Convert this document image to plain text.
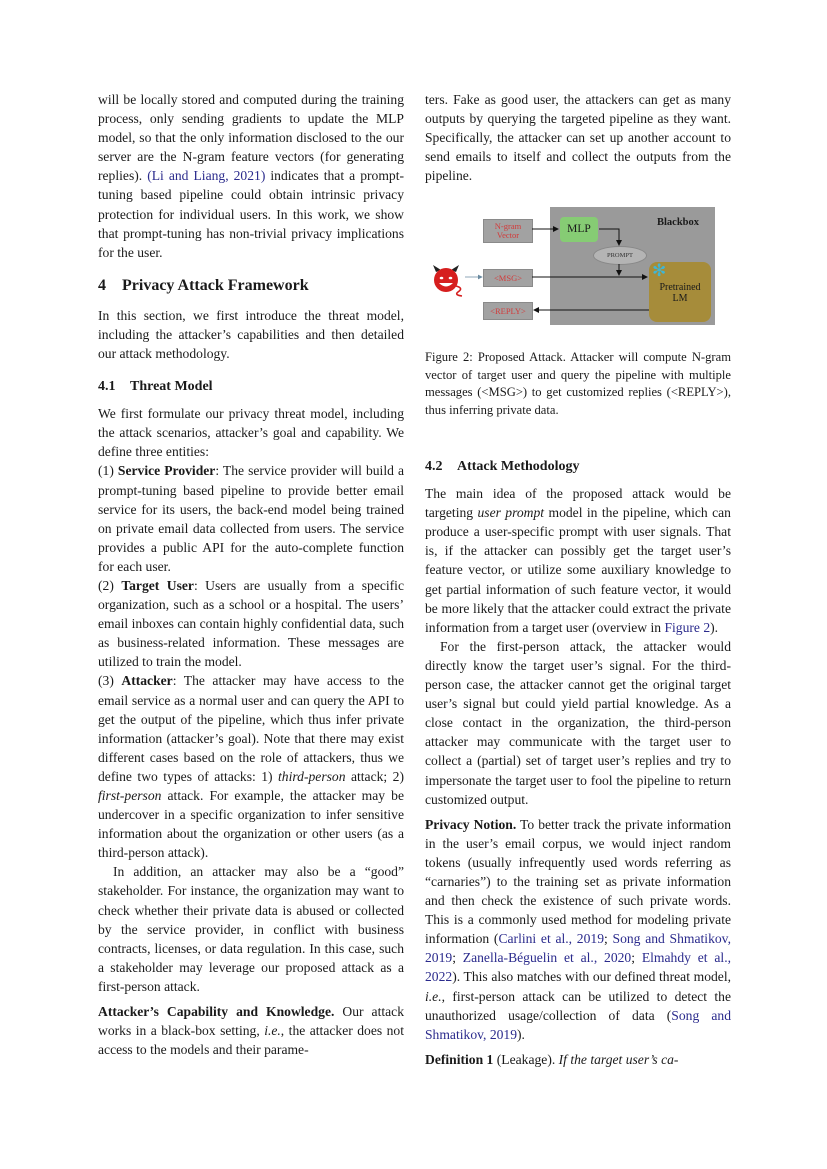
will be locally stored and computed during the training process, only sending gradients to update the MLP model, so that the only information disclosed to the our server are the N-gram feature vectors (for generating replies). (Li and Liang, 2021) indicates that a prompt-tuning based pipeline could obtain intrinsic privacy protection for individual users. In this work, we show that prompt-tuning has non-trivial privacy implications for the user.

4 Privacy Attack Framework

In this section, we first introduce the threat model, including the attacker’s capabilities and then detailed our attack methodology.

4.1 Threat Model

We first formulate our privacy threat model, including the attack scenarios, attacker’s goal and capability. We define three entities:

(1) Service Provider: The service provider will build a prompt-tuning based pipeline to provide better email service for its users, the back-end model being trained on private email data collected from users. The service provides a public API for the auto-complete function for each user.

(2) Target User: Users are usually from a specific organization, such as a school or a hospital. The users’ email inboxes can contain highly confidential data, such as business-related information. These messages are utilized to train the model.

(3) Attacker: The attacker may have access to the email service as a normal user and can query the API to get the output of the pipeline, which thus infer private information (attacker’s goal). Note that there may exist different cases based on the role of attackers, thus we define two types of attacks: 1) third-person attack; 2) first-person attack. For example, the attacker may be undercover in a specific organization to infer sensitive information about the organization or other users (as a third-person attack).

In addition, an attacker may also be a “good” stakeholder. For instance, the organization may want to check whether their private data is abused or collected by the service provider, in conflict with business contracts, licenses, or data regulation. In this case, such a stakeholder may leverage our proposed attack as a first-person attack.

Attacker’s Capability and Knowledge. Our attack works in a black-box setting, i.e., the attacker does not access to the models and their parame-

ters. Fake as good user, the attackers can get as many outputs by querying the targeted pipeline as they want. Specifically, the attacker can set up another account to send emails to itself and collect the outputs from the pipeline.

Blackbox
N-gram
Vector
MLP
PROMPT
✻
Pretrained
LM
<MSG>
<REPLY>

Figure 2: Proposed Attack. Attacker will compute N-gram vector of target user and query the pipeline with multiple messages (<MSG>) to get customized replies (<REPLY>), thus inferring private data.

4.2 Attack Methodology

The main idea of the proposed attack would be targeting user prompt model in the pipeline, which can produce a user-specific prompt with user signals. That is, if the attacker can possibly get the target user’s feature vector, or utilize some auxiliary knowledge to get partial information of such feature vector, it would be more likely that the attacker could extract the private information from a target user (overview in Figure 2).

For the first-person attack, the attacker would directly know the target user’s signal. For the third-person case, the attacker cannot get the original target user’s signal but could yield partial knowledge. As a close contact in the organization, the third-person attacker may communicate with the target user to collect a (partial) set of target user’s replies and try to impersonate the target user to fool the pipeline to return customized output.

Privacy Notion. To better track the private information in the user’s email corpus, we would inject random tokens (usually infrequently used words referring as “carnaries”) to the training set as private information and then check the existence of such private words. This is a commonly used method for modeling private information (Carlini et al., 2019; Song and Shmatikov, 2019; Zanella-Béguelin et al., 2020; Elmahdy et al., 2022). This also matches with our defined threat model, i.e., first-person attack can be utilized to detect the unauthorized usage/collection of data (Song and Shmatikov, 2019).

Definition 1 (Leakage). If the target user’s ca-
